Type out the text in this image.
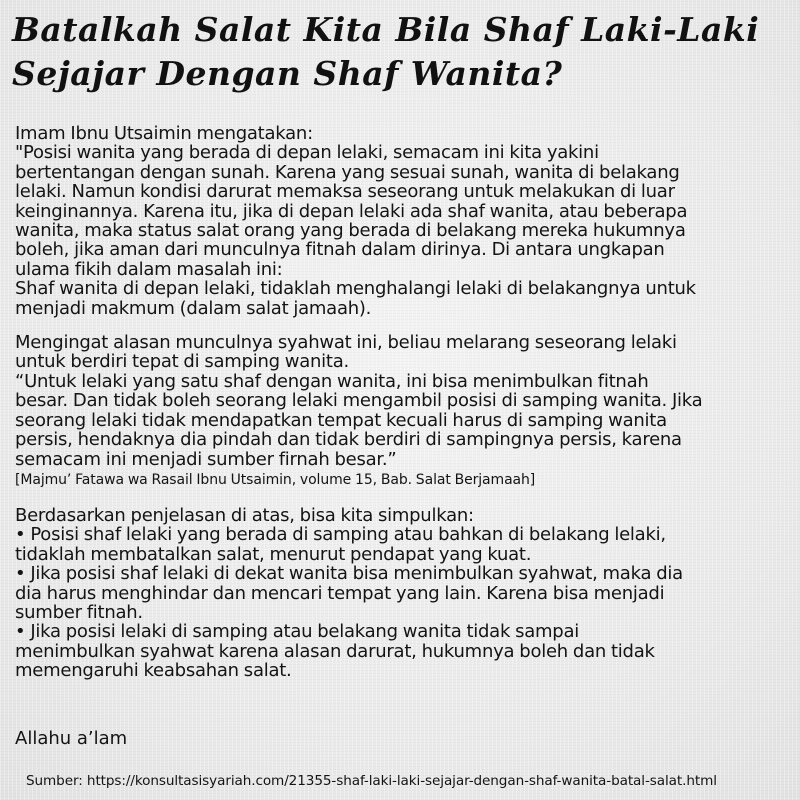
Batalkah Salat Kita Bila Shaf Laki-Laki
Sejajar Dengan Shaf Wanita?
Imam Ibnu Utsaimin mengatakan:
"Posisi wanita yang berada di depan lelaki, semacam ini kita yakini
bertentangan dengan sunah. Karena yang sesuai sunah, wanita di belakang
lelaki. Namun kondisi darurat memaksa seseorang untuk melakukan di luar
keinginannya. Karena itu, jika di depan lelaki ada shaf wanita, atau beberapa
wanita, maka status salat orang yang berada di belakang mereka hukumnya
boleh, jika aman dari munculnya fitnah dalam dirinya. Di antara ungkapan
ulama fikih dalam masalah ini:
Shaf wanita di depan lelaki, tidaklah menghalangi lelaki di belakangnya untuk
menjadi makmum (dalam salat jamaah).
Mengingat alasan munculnya syahwat ini, beliau melarang seseorang lelaki
untuk berdiri tepat di samping wanita.
“Untuk lelaki yang satu shaf dengan wanita, ini bisa menimbulkan fitnah
besar. Dan tidak boleh seorang lelaki mengambil posisi di samping wanita. Jika
seorang lelaki tidak mendapatkan tempat kecuali harus di samping wanita
persis, hendaknya dia pindah dan tidak berdiri di sampingnya persis, karena
semacam ini menjadi sumber firnah besar.”
[Majmu’ Fatawa wa Rasail Ibnu Utsaimin, volume 15, Bab. Salat Berjamaah]
Berdasarkan penjelasan di atas, bisa kita simpulkan:
• Posisi shaf lelaki yang berada di samping atau bahkan di belakang lelaki,
tidaklah membatalkan salat, menurut pendapat yang kuat.
• Jika posisi shaf lelaki di dekat wanita bisa menimbulkan syahwat, maka dia
dia harus menghindar dan mencari tempat yang lain. Karena bisa menjadi
sumber fitnah.
• Jika posisi lelaki di samping atau belakang wanita tidak sampai
menimbulkan syahwat karena alasan darurat, hukumnya boleh dan tidak
memengaruhi keabsahan salat.
Allahu a’lam
Sumber: https://konsultasisyariah.com/21355-shaf-laki-laki-sejajar-dengan-shaf-wanita-batal-salat.html
